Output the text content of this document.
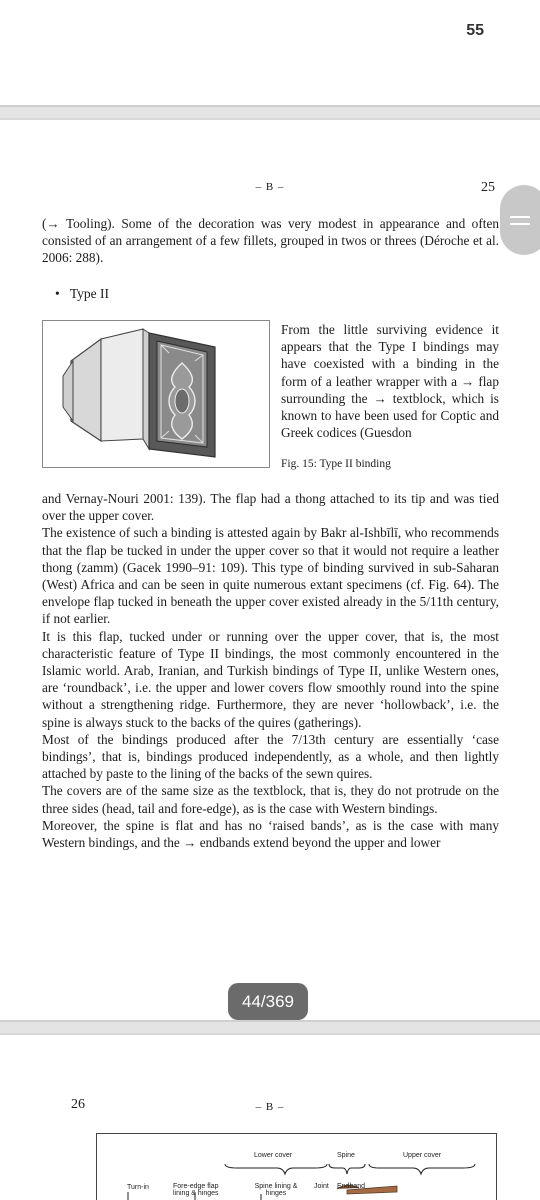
55
– B –	25

(→ Tooling). Some of the decoration was very modest in appearance and often consisted of an arrangement of a few fillets, grouped in twos or threes (Déroche et al. 2006: 288).

•   Type II
From the little surviving evidence it appears that the Type I bindings may have coexisted with a binding in the form of a leather wrapper with a → flap surrounding the → textblock, which is known to have been used for Coptic and Greek codices (Guesdon
Fig. 15: Type II binding

and Vernay-Nouri 2001: 139). The flap had a thong attached to its tip and was tied over the upper cover.

The existence of such a binding is attested again by Bakr al-Ishbīlī, who recommends that the flap be tucked in under the upper cover so that it would not require a leather thong (zamm) (Gacek 1990–91: 109). This type of binding survived in sub-Saharan (West) Africa and can be seen in quite numerous extant specimens (cf. Fig. 64). The envelope flap tucked in beneath the upper cover existed already in the 5/11th century, if not earlier.

It is this flap, tucked under or running over the upper cover, that is, the most characteristic feature of Type II bindings, the most commonly encountered in the Islamic world. Arab, Iranian, and Turkish bindings of Type II, unlike Western ones, are ‘roundback’, i.e. the upper and lower covers flow smoothly round into the spine without a strengthening ridge. Furthermore, they are never ‘hollowback’, i.e. the spine is always stuck to the backs of the quires (gatherings).

Most of the bindings produced after the 7/13th century are essentially ‘case bindings’, that is, bindings produced independently, as a whole, and then lightly attached by paste to the lining of the backs of the sewn quires.

The covers are of the same size as the textblock, that is, they do not protrude on the three sides (head, tail and fore-edge), as is the case with Western bindings.

Moreover, the spine is flat and has no ‘raised bands’, as is the case with many Western bindings, and the → endbands extend beyond the upper and lower

44/369
26	– B –
Lower cover	Spine	Upper cover
Turn-in	Fore-edge flap lining & hinges
Spine lining & hinges
Joint Endband
